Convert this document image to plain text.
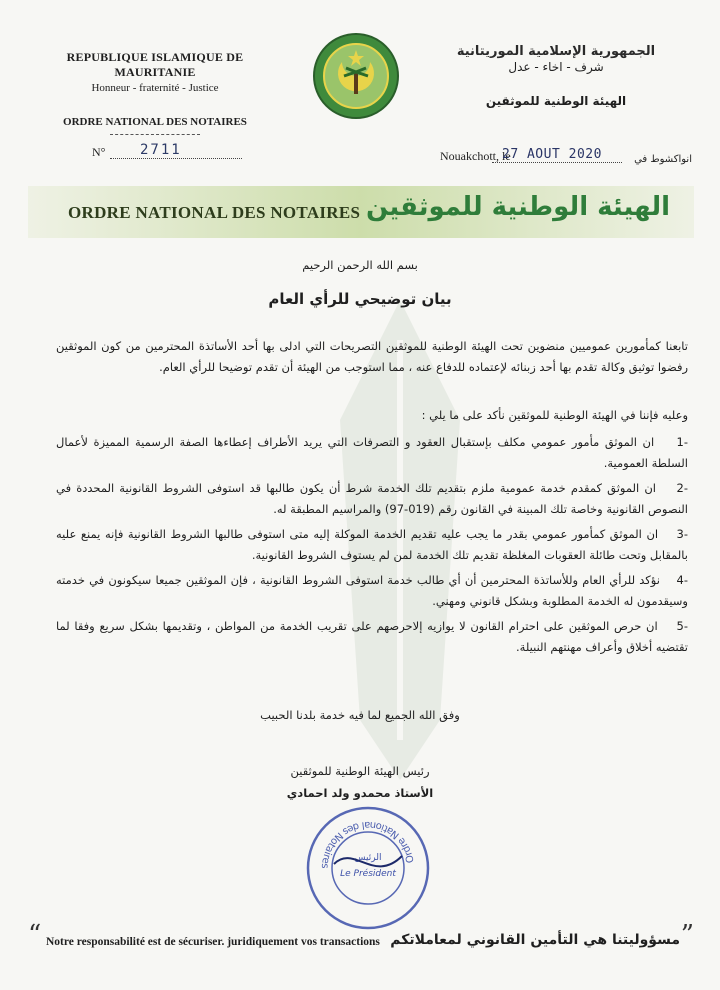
REPUBLIQUE ISLAMIQUE DE MAURITANIE
Honneur - fraternité - Justice
ORDRE NATIONAL DES NOTAIRES
N° 2711
الجمهورية الإسلامية الموريتانية
شرف - اخاء - عدل
الهيئة الوطنية للموثقين
Nouakchott, le
27 AOUT 2020	انواكشوط في
ORDRE NATIONAL DES NOTAIRES الهيئة الوطنية للموثقين
بسم الله الرحمن الرحيم
بيان توضيحي للرأي العام
تابعنا كمأمورين عموميين منضوين تحت الهيئة الوطنية للموثقين التصريحات التي ادلى بها أحد الأساتذة المحترمين من كون الموثقين رفضوا توثيق وكالة تقدم بها أحد زبنائه لإعتماده للدفاع عنه ، مما استوجب من الهيئة أن تقدم توضيحا للرأي العام.
وعليه فإننا في الهيئة الوطنية للموثقين نأكد على ما يلي :
-1    ان الموثق مأمور عمومي مكلف بإستقبال العقود و التصرفات التي يريد الأطراف إعطاءها الصفة الرسمية المميزة لأعمال السلطة العمومية.
-2    ان الموثق كمقدم خدمة عمومية ملزم بتقديم تلك الخدمة شرط أن يكون طالبها قد استوفى الشروط القانونية المحددة في النصوص القانونية وخاصة تلك المبينة في القانون رقم (019-97) والمراسيم المطبقة له.
-3    ان الموثق كمأمور عمومي بقدر ما يجب عليه تقديم الخدمة الموكلة إليه متى استوفى طالبها الشروط القانونية فإنه يمنع عليه بالمقابل وتحت طائلة العقوبات المغلظة تقديم تلك الخدمة لمن لم يستوف الشروط القانونية.
-4    نؤكد للرأي العام وللأساتذة المحترمين أن أي طالب خدمة استوفى الشروط القانونية ، فإن الموثقين جميعا سيكونون في خدمته وسيقدمون له الخدمة المطلوبة وبشكل قانوني ومهني.
-5    ان حرص الموثقين على احترام القانون لا يوازيه إلاحرصهم على تقريب الخدمة من المواطن ، وتقديمها بشكل سريع وفقا لما تقتضيه أخلاق وأعراف مهنتهم النبيلة.
وفق الله الجميع لما فيه خدمة بلدنا الحبيب
رئيس الهيئة الوطنية للموثقين
الأستاذ محمدو ولد احمادي
Ordre National des Notaires
الرئيس
Le Président
“ Notre responsabilité est de sécuriser. juridiquement vos transactions مسؤوليتنا هي التأمين القانوني لمعاملاتكم ”
